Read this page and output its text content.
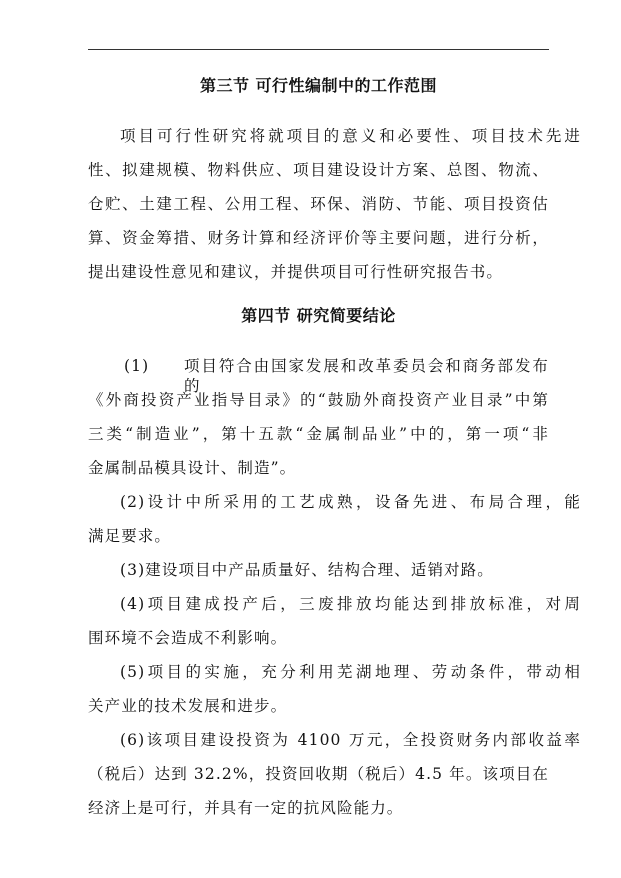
第三节 可行性编制中的工作范围
项目可行性研究将就项目的意义和必要性、项目技术先进
性、拟建规模、物料供应、项目建设设计方案、总图、物流、
仓贮、土建工程、公用工程、环保、消防、节能、项目投资估
算、资金筹措、财务计算和经济评价等主要问题，进行分析，
提出建设性意见和建议，并提供项目可行性研究报告书。
第四节 研究简要结论
(1) 项目符合由国家发展和改革委员会和商务部发布的
《外商投资产业指导目录》的“鼓励外商投资产业目录”中第
三类“制造业”，第十五款“金属制品业”中的，第一项“非
金属制品模具设计、制造”。
(2)设计中所采用的工艺成熟，设备先进、布局合理，能
满足要求。
(3)建设项目中产品质量好、结构合理、适销对路。
(4)项目建成投产后，三废排放均能达到排放标准，对周
围环境不会造成不利影响。
(5)项目的实施，充分利用芜湖地理、劳动条件，带动相
关产业的技术发展和进步。
(6)该项目建设投资为 4100 万元，全投资财务内部收益率
（税后）达到 32.2%，投资回收期（税后）4.5 年。该项目在
经济上是可行，并具有一定的抗风险能力。
